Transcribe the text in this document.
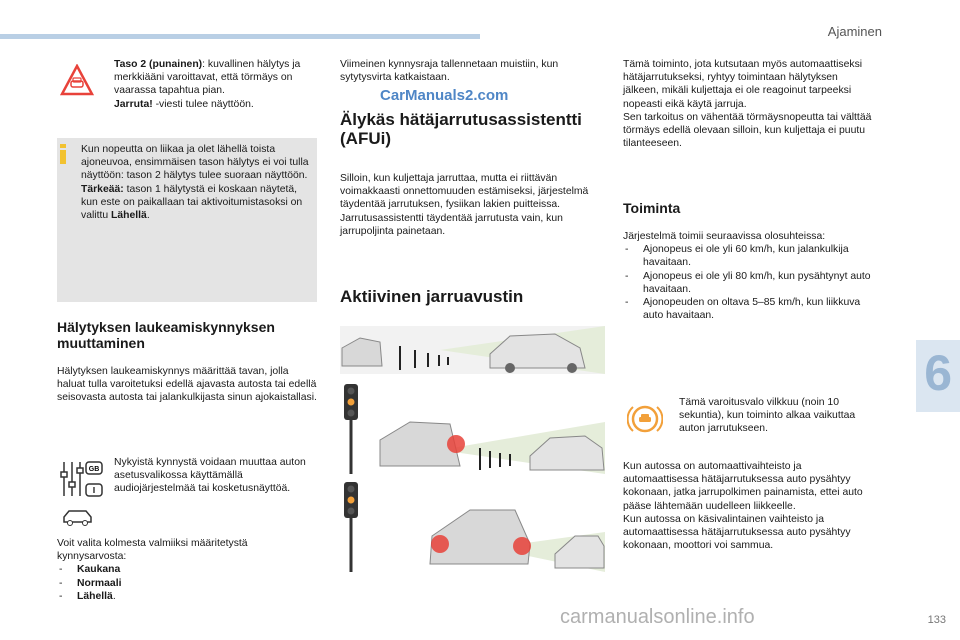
Ajaminen
6

Taso 2 (punainen): kuvallinen hälytys ja merkkiääni varoittavat, että törmäys on vaarassa tapahtua pian.

Jarruta! -viesti tulee näyttöön.

Kun nopeutta on liikaa ja olet lähellä toista ajoneuvoa, ensimmäisen tason hälytys ei voi tulla näyttöön: tason 2 hälytys tulee suoraan näyttöön.

Tärkeää: tason 1 hälytystä ei koskaan näytetä, kun este on paikallaan tai aktivoitumistasoksi on valittu Lähellä.

Hälytyksen laukeamiskynnyksen muuttaminen

Hälytyksen laukeamiskynnys määrittää tavan, jolla haluat tulla varoitetuksi edellä ajavasta autosta tai edellä seisovasta autosta tai jalankulkijasta sinun ajokaistallasi.

GB
I

Nykyistä kynnystä voidaan muuttaa auton asetusvalikossa käyttämällä audiojärjestelmää tai kosketusnäyttöä.

Voit valita kolmesta valmiiksi määritetystä kynnysarvosta:

- Kaukana
- Normaali
- Lähellä.

Viimeinen kynnysraja tallennetaan muistiin, kun sytytysvirta katkaistaan.

CarManuals2.com
Älykäs hätäjarrutusassistentti (AFUi)

Silloin, kun kuljettaja jarruttaa, mutta ei riittävän voimakkaasti onnettomuuden estämiseksi, järjestelmä täydentää jarrutuksen, fysiikan lakien puitteissa.

Jarrutusassistentti täydentää jarrutusta vain, kun jarrupoljinta painetaan.

Aktiivinen jarruavustin

Tämä toiminto, jota kutsutaan myös automaattiseksi hätäjarrutukseksi, ryhtyy toimintaan hälytyksen jälkeen, mikäli kuljettaja ei ole reagoinut tarpeeksi nopeasti eikä käytä jarruja.

Sen tarkoitus on vähentää törmäysnopeutta tai välttää törmäys edellä olevaan silloin, kun kuljettaja ei puutu tilanteeseen.

Toiminta

Järjestelmä toimii seuraavissa olosuhteissa:

- Ajonopeus ei ole yli 60 km/h, kun jalankulkija havaitaan.
- Ajonopeus ei ole yli 80 km/h, kun pysähtynyt auto havaitaan.
- Ajonopeuden on oltava 5–85 km/h, kun liikkuva auto havaitaan.

Tämä varoitusvalo vilkkuu (noin 10 sekuntia), kun toiminto alkaa vaikuttaa auton jarrutukseen.

Kun autossa on automaattivaihteisto ja automaattisessa hätäjarrutuksessa auto pysähtyy kokonaan, jatka jarrupolkimen painamista, ettei auto pääse lähtemään uudelleen liikkeelle.

Kun autossa on käsivalintainen vaihteisto ja automaattisessa hätäjarrutuksessa auto pysähtyy kokonaan, moottori voi sammua.

carmanualsonline.info	133
